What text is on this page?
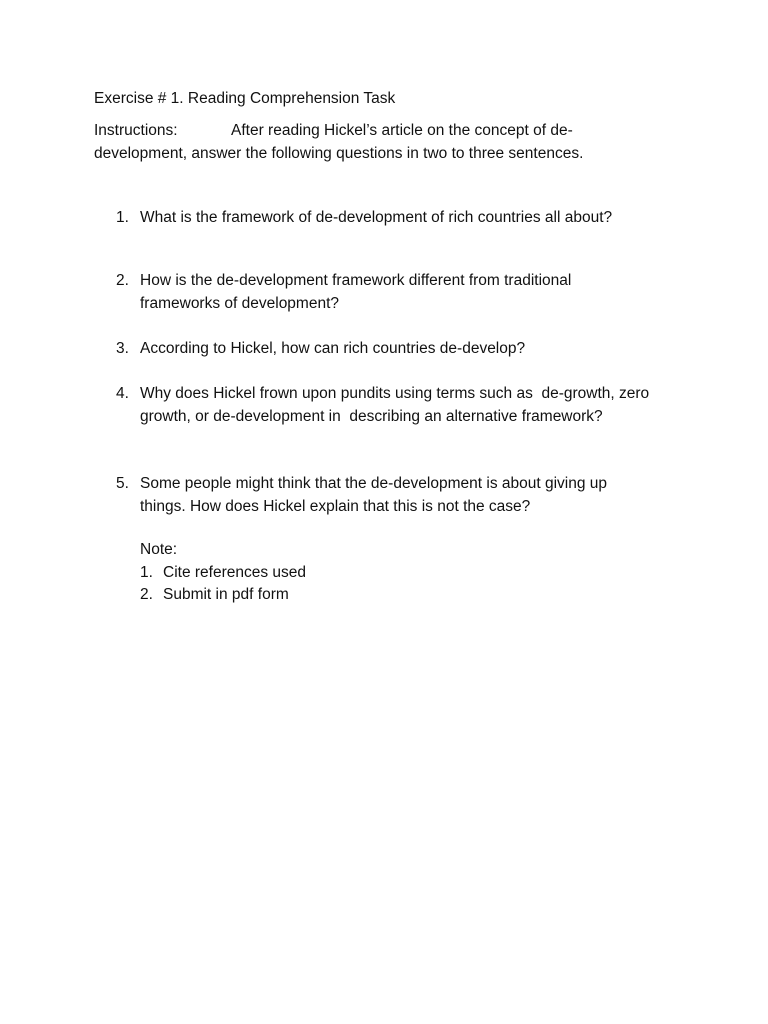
Exercise # 1. Reading Comprehension Task
Instructions:	After reading Hickel’s article on the concept of de-development, answer the following questions in two to three sentences.
1. What is the framework of de-development of rich countries all about?
2. How is the de-development framework different from traditional frameworks of development?
3. According to Hickel, how can rich countries de-develop?
4. Why does Hickel frown upon pundits using terms such as  de-growth, zero growth, or de-development in  describing an alternative framework?
5. Some people might think that the de-development is about giving up things. How does Hickel explain that this is not the case?
Note:
1. Cite references used
2. Submit in pdf form
